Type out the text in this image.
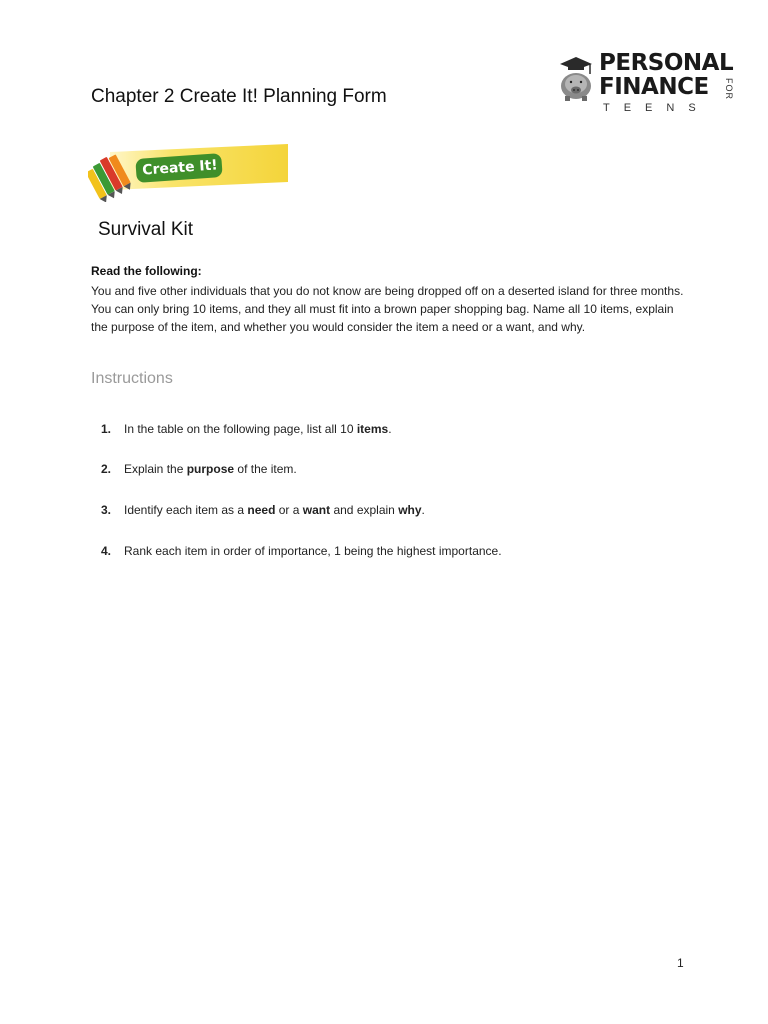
Chapter 2 Create It! Planning Form
PERSONAL
FINANCE FOR
TEENS
Create It!
Survival Kit
Read the following:
You and five other individuals that you do not know are being dropped off on a deserted island for three months. You can only bring 10 items, and they all must fit into a brown paper shopping bag. Name all 10 items, explain the purpose of the item, and whether you would consider the item a need or a want, and why.
Instructions
1. In the table on the following page, list all 10 items.
2. Explain the purpose of the item.
3. Identify each item as a need or a want and explain why.
4. Rank each item in order of importance, 1 being the highest importance.
1
